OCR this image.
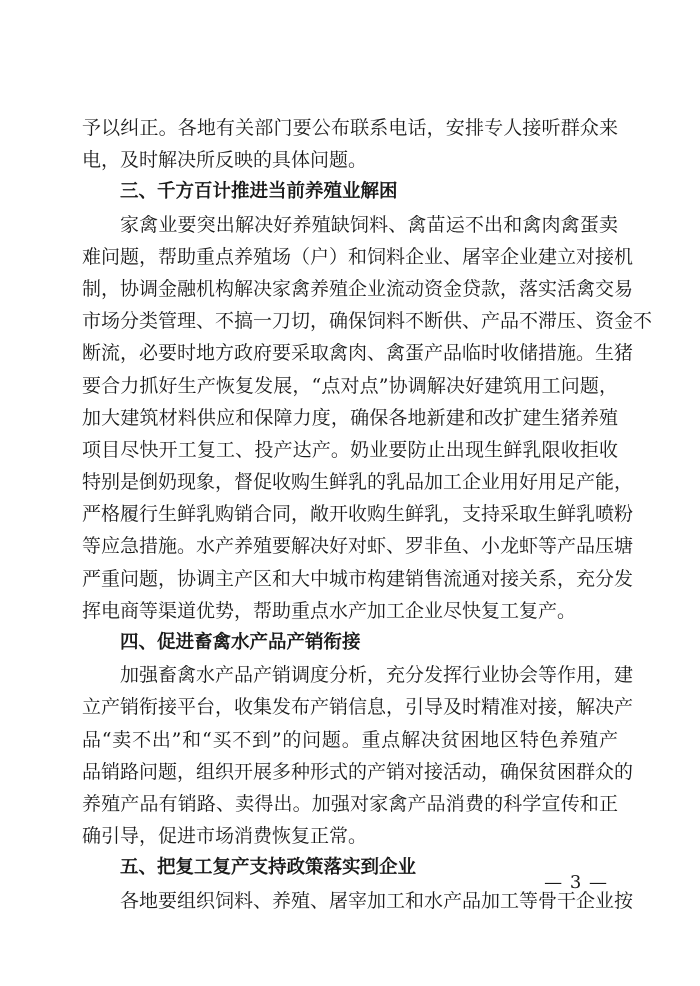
予以纠正。各地有关部门要公布联系电话，安排专人接听群众来
电，及时解决所反映的具体问题。
三、千方百计推进当前养殖业解困
家禽业要突出解决好养殖缺饲料、禽苗运不出和禽肉禽蛋卖
难问题，帮助重点养殖场（户）和饲料企业、屠宰企业建立对接机
制，协调金融机构解决家禽养殖企业流动资金贷款，落实活禽交易
市场分类管理、不搞一刀切，确保饲料不断供、产品不滞压、资金不
断流，必要时地方政府要采取禽肉、禽蛋产品临时收储措施。生猪
要合力抓好生产恢复发展，“点对点”协调解决好建筑用工问题，
加大建筑材料供应和保障力度，确保各地新建和改扩建生猪养殖
项目尽快开工复工、投产达产。奶业要防止出现生鲜乳限收拒收
特别是倒奶现象，督促收购生鲜乳的乳品加工企业用好用足产能，
严格履行生鲜乳购销合同，敞开收购生鲜乳，支持采取生鲜乳喷粉
等应急措施。水产养殖要解决好对虾、罗非鱼、小龙虾等产品压塘
严重问题，协调主产区和大中城市构建销售流通对接关系，充分发
挥电商等渠道优势，帮助重点水产加工企业尽快复工复产。
四、促进畜禽水产品产销衔接
加强畜禽水产品产销调度分析，充分发挥行业协会等作用，建
立产销衔接平台，收集发布产销信息，引导及时精准对接，解决产
品“卖不出”和“买不到”的问题。重点解决贫困地区特色养殖产
品销路问题，组织开展多种形式的产销对接活动，确保贫困群众的
养殖产品有销路、卖得出。加强对家禽产品消费的科学宣传和正
确引导，促进市场消费恢复正常。
五、把复工复产支持政策落实到企业
各地要组织饲料、养殖、屠宰加工和水产品加工等骨干企业按
— 3 —
